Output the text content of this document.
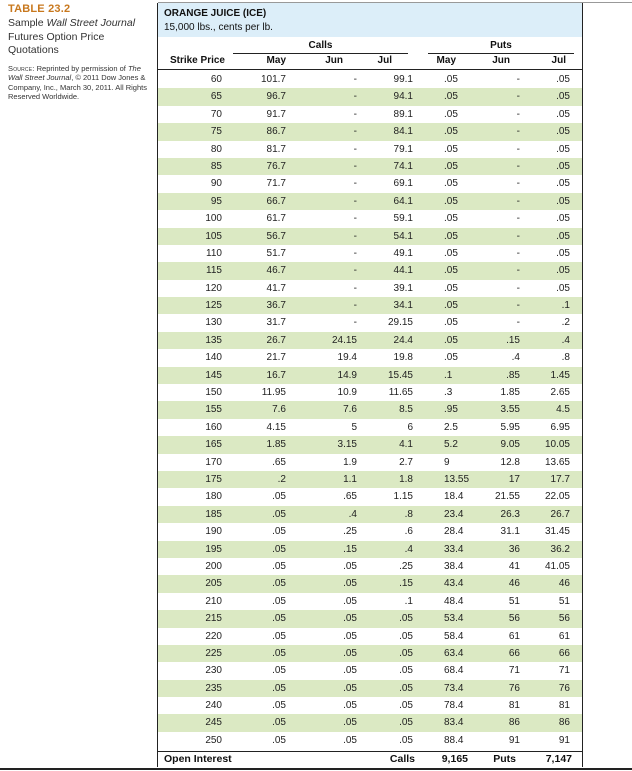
TABLE 23.2
Sample Wall Street Journal Futures Option Price Quotations
Source: Reprinted by permission of The Wall Street Journal, © 2011 Dow Jones & Company, Inc., March 30, 2011. All Rights Reserved Worldwide.
ORANGE JUICE (ICE)
15,000 lbs., cents per lb.
Calls	Puts
Strike Price	May	Jun	Jul	May	Jun	Jul
60	101.7	-	99.1	.05	-	.05
65	96.7	-	94.1	.05	-	.05
70	91.7	-	89.1	.05	-	.05
75	86.7	-	84.1	.05	-	.05
80	81.7	-	79.1	.05	-	.05
85	76.7	-	74.1	.05	-	.05
90	71.7	-	69.1	.05	-	.05
95	66.7	-	64.1	.05	-	.05
100	61.7	-	59.1	.05	-	.05
105	56.7	-	54.1	.05	-	.05
110	51.7	-	49.1	.05	-	.05
115	46.7	-	44.1	.05	-	.05
120	41.7	-	39.1	.05	-	.05
125	36.7	-	34.1	.05	-	.1
130	31.7	-	29.15	.05	-	.2
135	26.7	24.15	24.4	.05	.15	.4
140	21.7	19.4	19.8	.05	.4	.8
145	16.7	14.9	15.45	.1	.85	1.45
150	11.95	10.9	11.65	.3	1.85	2.65
155	7.6	7.6	8.5	.95	3.55	4.5
160	4.15	5	6	2.5	5.95	6.95
165	1.85	3.15	4.1	5.2	9.05	10.05
170	.65	1.9	2.7	9	12.8	13.65
175	.2	1.1	1.8	13.55	17	17.7
180	.05	.65	1.15	18.4	21.55	22.05
185	.05	.4	.8	23.4	26.3	26.7
190	.05	.25	.6	28.4	31.1	31.45
195	.05	.15	.4	33.4	36	36.2
200	.05	.05	.25	38.4	41	41.05
205	.05	.05	.15	43.4	46	46
210	.05	.05	.1	48.4	51	51
215	.05	.05	.05	53.4	56	56
220	.05	.05	.05	58.4	61	61
225	.05	.05	.05	63.4	66	66
230	.05	.05	.05	68.4	71	71
235	.05	.05	.05	73.4	76	76
240	.05	.05	.05	78.4	81	81
245	.05	.05	.05	83.4	86	86
250	.05	.05	.05	88.4	91	91
Open Interest	Calls	9,165	Puts	7,147
